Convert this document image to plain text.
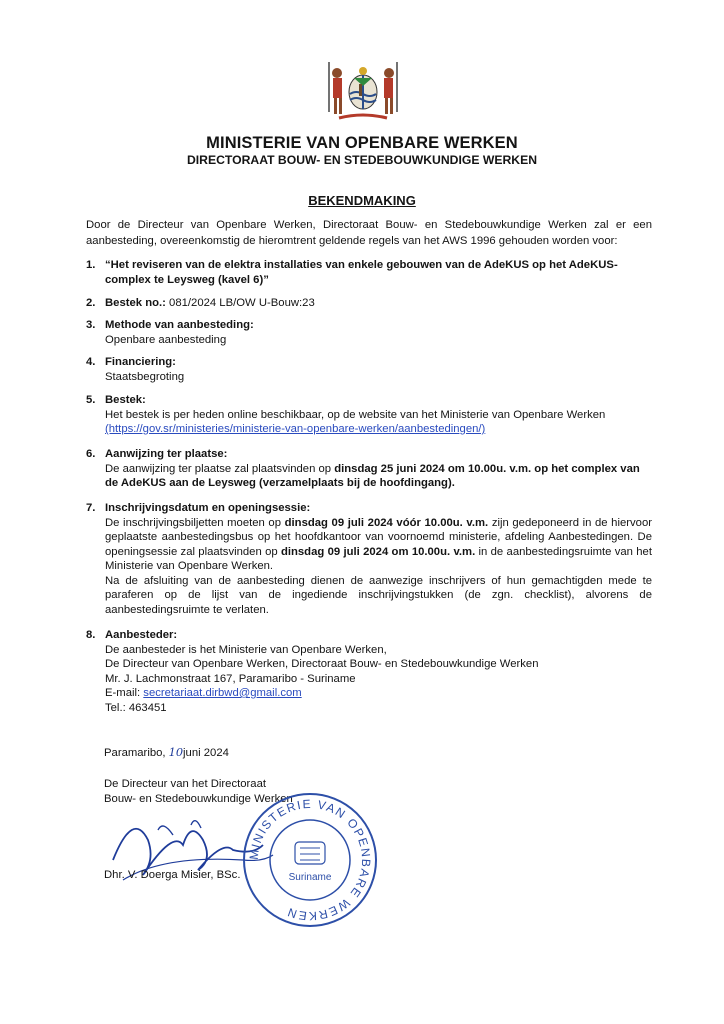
MINISTERIE VAN OPENBARE WERKEN
DIRECTORAAT BOUW- EN STEDEBOUWKUNDIGE WERKEN
BEKENDMAKING
Door de Directeur van Openbare Werken, Directoraat Bouw- en Stedebouwkundige Werken zal er een aanbesteding, overeenkomstig de hieromtrent geldende regels van het AWS 1996 gehouden worden voor:
1. “Het reviseren van de elektra installaties van enkele gebouwen van de AdeKUS op het AdeKUS- complex te Leysweg (kavel 6)”
2. Bestek no.: 081/2024 LB/OW U-Bouw:23
3. Methode van aanbesteding:
Openbare aanbesteding
4. Financiering:
Staatsbegroting
5. Bestek:
Het bestek is per heden online beschikbaar, op de website van het Ministerie van Openbare Werken
(https://gov.sr/ministeries/ministerie-van-openbare-werken/aanbestedingen/)
6. Aanwijzing ter plaatse:
De aanwijzing ter plaatse zal plaatsvinden op dinsdag 25 juni 2024 om 10.00u. v.m. op het complex van de AdeKUS aan de Leysweg (verzamelplaats bij de hoofdingang).
7. Inschrijvingsdatum en openingsessie:
De inschrijvingsbiljetten moeten op dinsdag 09 juli 2024 vóór 10.00u. v.m. zijn gedeponeerd in de hiervoor geplaatste aanbestedingsbus op het hoofdkantoor van voornoemd ministerie, afdeling Aanbestedingen. De openingsessie zal plaatsvinden op dinsdag 09 juli 2024 om 10.00u. v.m. in de aanbestedingsruimte van het Ministerie van Openbare Werken.
Na de afsluiting van de aanbesteding dienen de aanwezige inschrijvers of hun gemachtigden mede te paraferen op de lijst van de ingediende inschrijvingstukken (de zgn. checklist), alvorens de aanbestedingsruimte te verlaten.
8. Aanbesteder:
De aanbesteder is het Ministerie van Openbare Werken,
De Directeur van Openbare Werken, Directoraat Bouw- en Stedebouwkundige Werken
Mr. J. Lachmonstraat 167, Paramaribo - Suriname
E-mail: secretariaat.dirbwd@gmail.com
Tel.: 463451
Paramaribo, 10juni 2024
De Directeur van het Directoraat
Bouw- en Stedebouwkundige Werken
Dhr. V. Doerga Misier, BSc.
MINISTERIE VAN OPENBARE WERKEN
Suriname
